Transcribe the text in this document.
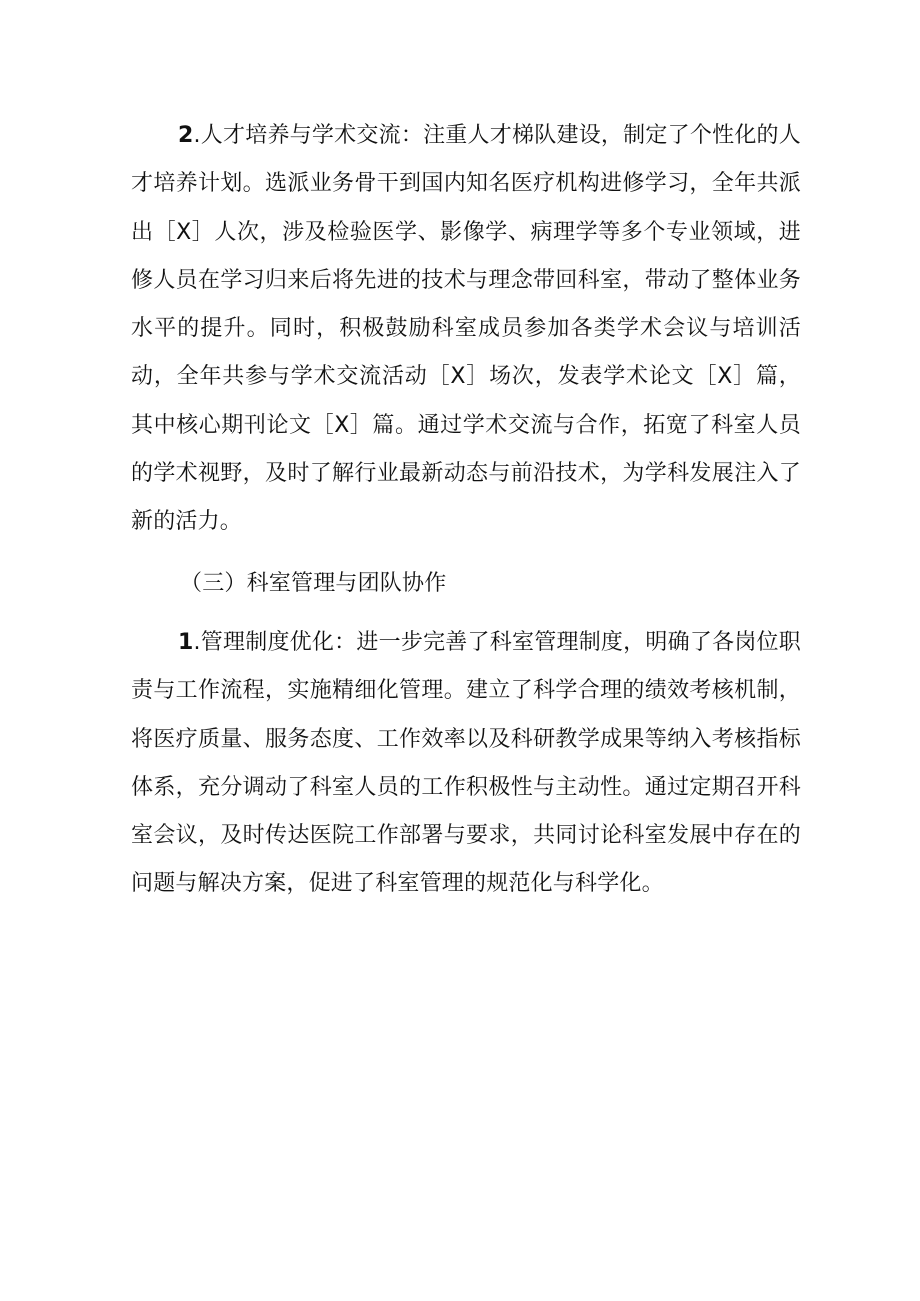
2.人才培养与学术交流：注重人才梯队建设，制定了个性化的人才培养计划。选派业务骨干到国内知名医疗机构进修学习，全年共派出［X］人次，涉及检验医学、影像学、病理学等多个专业领域，进修人员在学习归来后将先进的技术与理念带回科室，带动了整体业务水平的提升。同时，积极鼓励科室成员参加各类学术会议与培训活动，全年共参与学术交流活动［X］场次，发表学术论文［X］篇，其中核心期刊论文［X］篇。通过学术交流与合作，拓宽了科室人员的学术视野，及时了解行业最新动态与前沿技术，为学科发展注入了新的活力。

（三）科室管理与团队协作

1.管理制度优化：进一步完善了科室管理制度，明确了各岗位职责与工作流程，实施精细化管理。建立了科学合理的绩效考核机制，将医疗质量、服务态度、工作效率以及科研教学成果等纳入考核指标体系，充分调动了科室人员的工作积极性与主动性。通过定期召开科室会议，及时传达医院工作部署与要求，共同讨论科室发展中存在的问题与解决方案，促进了科室管理的规范化与科学化。
